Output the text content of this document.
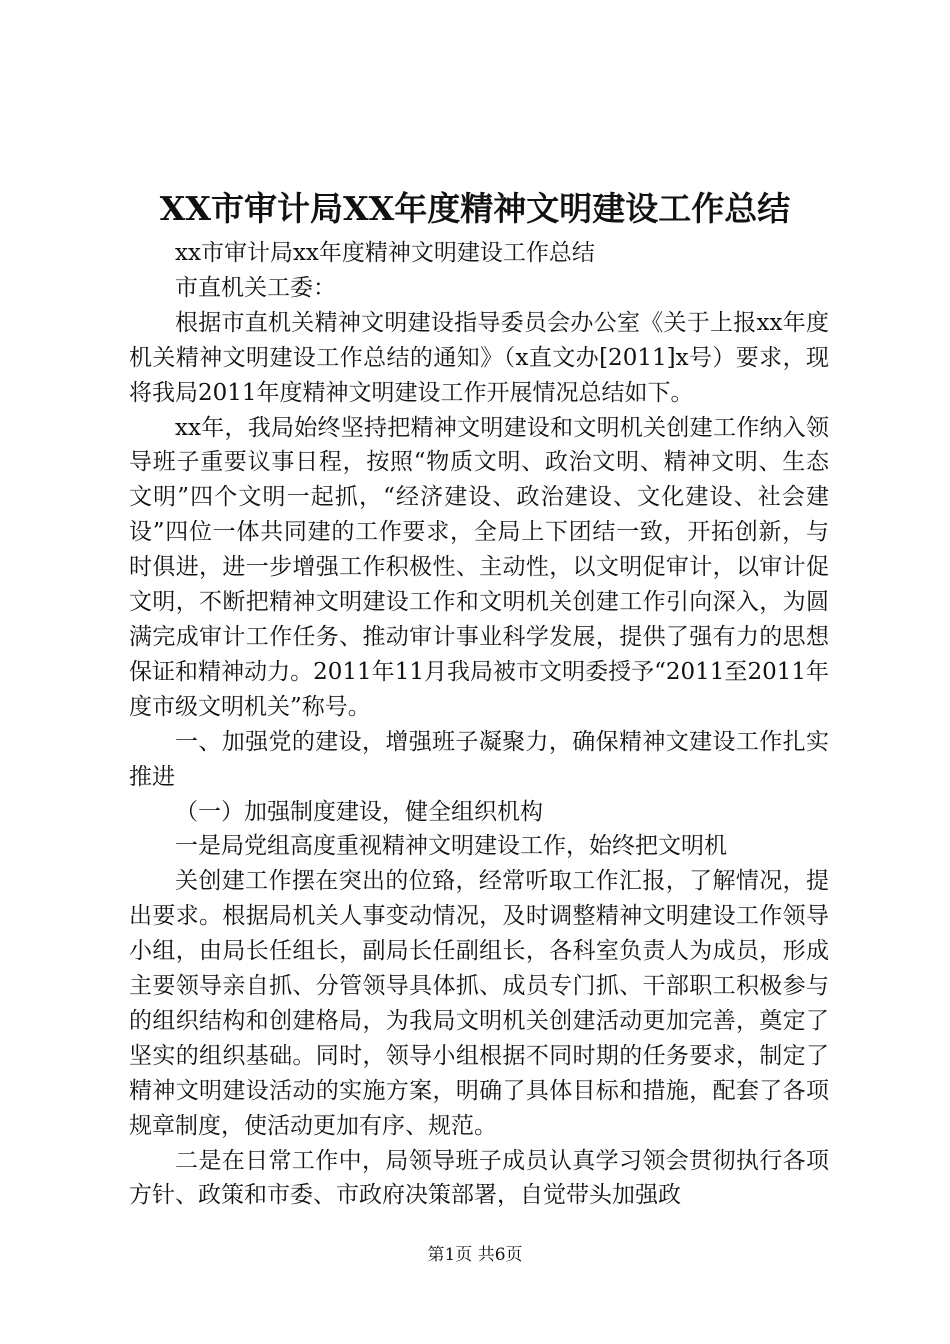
XX市审计局XX年度精神文明建设工作总结

xx市审计局xx年度精神文明建设工作总结

市直机关工委：

根据市直机关精神文明建设指导委员会办公室《关于上报xx年度机关精神文明建设工作总结的通知》（x直文办[2011]x号）要求，现将我局2011年度精神文明建设工作开展情况总结如下。

xx年，我局始终坚持把精神文明建设和文明机关创建工作纳入领导班子重要议事日程，按照“物质文明、政治文明、精神文明、生态文明”四个文明一起抓，“经济建设、政治建设、文化建设、社会建设”四位一体共同建的工作要求，全局上下团结一致，开拓创新，与时俱进，进一步增强工作积极性、主动性，以文明促审计，以审计促文明，不断把精神文明建设工作和文明机关创建工作引向深入，为圆满完成审计工作任务、推动审计事业科学发展，提供了强有力的思想保证和精神动力。2011年11月我局被市文明委授予“2011至2011年度市级文明机关”称号。

一、加强党的建设，增强班子凝聚力，确保精神文建设工作扎实推进

（一）加强制度建设，健全组织机构

一是局党组高度重视精神文明建设工作，始终把文明机

关创建工作摆在突出的位臵，经常听取工作汇报，了解情况，提出要求。根据局机关人事变动情况，及时调整精神文明建设工作领导小组，由局长任组长，副局长任副组长，各科室负责人为成员，形成主要领导亲自抓、分管领导具体抓、成员专门抓、干部职工积极参与的组织结构和创建格局，为我局文明机关创建活动更加完善，奠定了坚实的组织基础。同时，领导小组根据不同时期的任务要求，制定了精神文明建设活动的实施方案，明确了具体目标和措施，配套了各项规章制度，使活动更加有序、规范。

二是在日常工作中，局领导班子成员认真学习领会贯彻执行各项方针、政策和市委、市政府决策部署，自觉带头加强政

第1页 共6页
